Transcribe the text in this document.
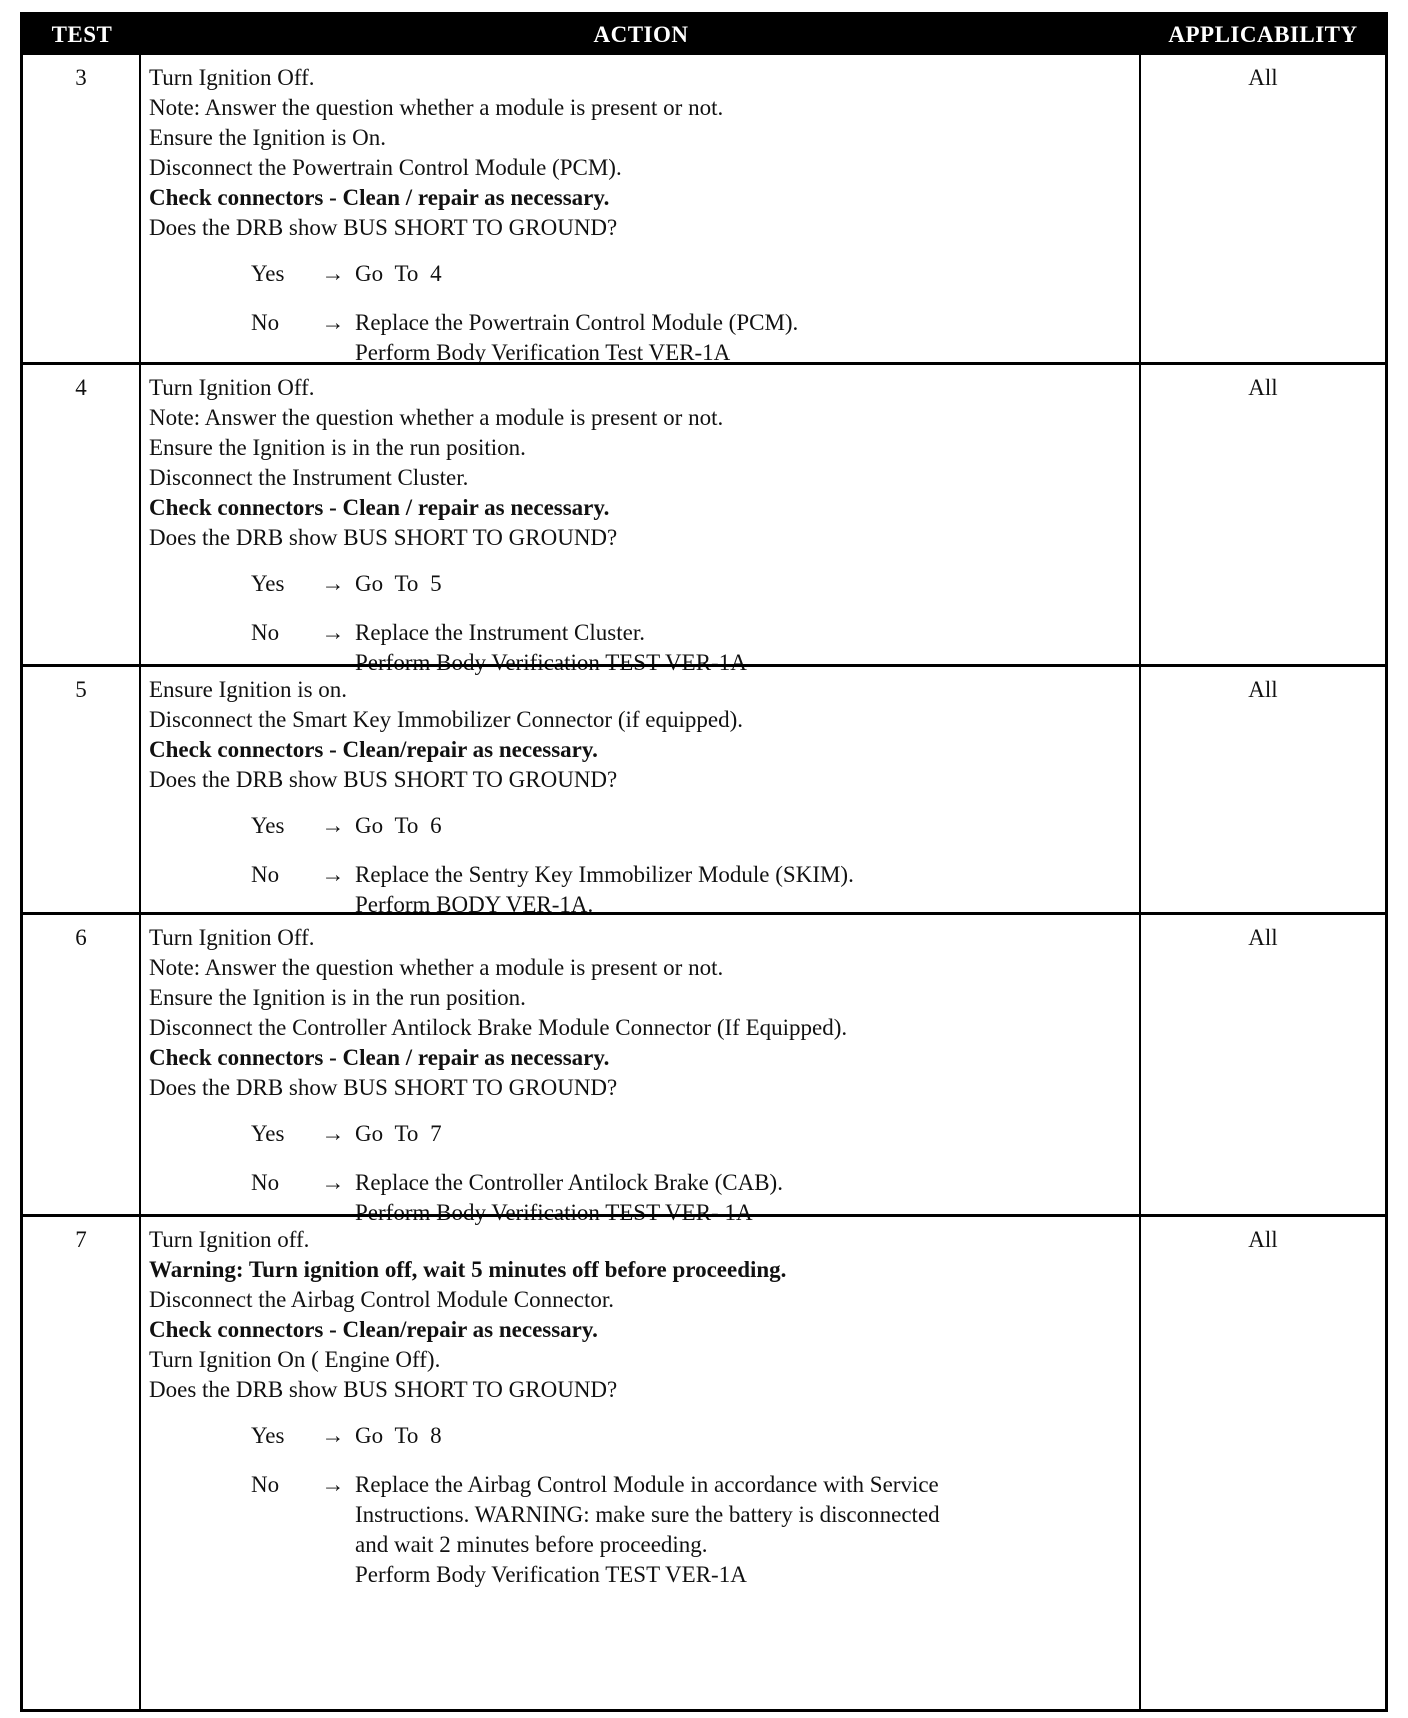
TEST	ACTION	APPLICABILITY
3	Turn Ignition Off.
Note: Answer the question whether a module is present or not.
Ensure the Ignition is On.
Disconnect the Powertrain Control Module (PCM).
Check connectors - Clean / repair as necessary.
Does the DRB show BUS SHORT TO GROUND?
Yes	→ Go To 4
No	→ Replace the Powertrain Control Module (PCM).
Perform Body Verification Test VER-1A
All
4	Turn Ignition Off.
Note: Answer the question whether a module is present or not.
Ensure the Ignition is in the run position.
Disconnect the Instrument Cluster.
Check connectors - Clean / repair as necessary.
Does the DRB show BUS SHORT TO GROUND?
Yes	→ Go To 5
No	→ Replace the Instrument Cluster.
Perform Body Verification TEST VER-1A
All
5	Ensure Ignition is on.
Disconnect the Smart Key Immobilizer Connector (if equipped).
Check connectors - Clean/repair as necessary.
Does the DRB show BUS SHORT TO GROUND?
Yes	→ Go To 6
No	→ Replace the Sentry Key Immobilizer Module (SKIM).
Perform BODY VER-1A.
All
6	Turn Ignition Off.
Note: Answer the question whether a module is present or not.
Ensure the Ignition is in the run position.
Disconnect the Controller Antilock Brake Module Connector (If Equipped).
Check connectors - Clean / repair as necessary.
Does the DRB show BUS SHORT TO GROUND?
Yes	→ Go To 7
No	→ Replace the Controller Antilock Brake (CAB).
Perform Body Verification TEST VER- 1A
All
7	Turn Ignition off.
Warning: Turn ignition off, wait 5 minutes off before proceeding.
Disconnect the Airbag Control Module Connector.
Check connectors - Clean/repair as necessary.
Turn Ignition On ( Engine Off).
Does the DRB show BUS SHORT TO GROUND?
Yes	→ Go To 8
No	→ Replace the Airbag Control Module in accordance with Service
Instructions. WARNING: make sure the battery is disconnected
and wait 2 minutes before proceeding.
Perform Body Verification TEST VER-1A
All
